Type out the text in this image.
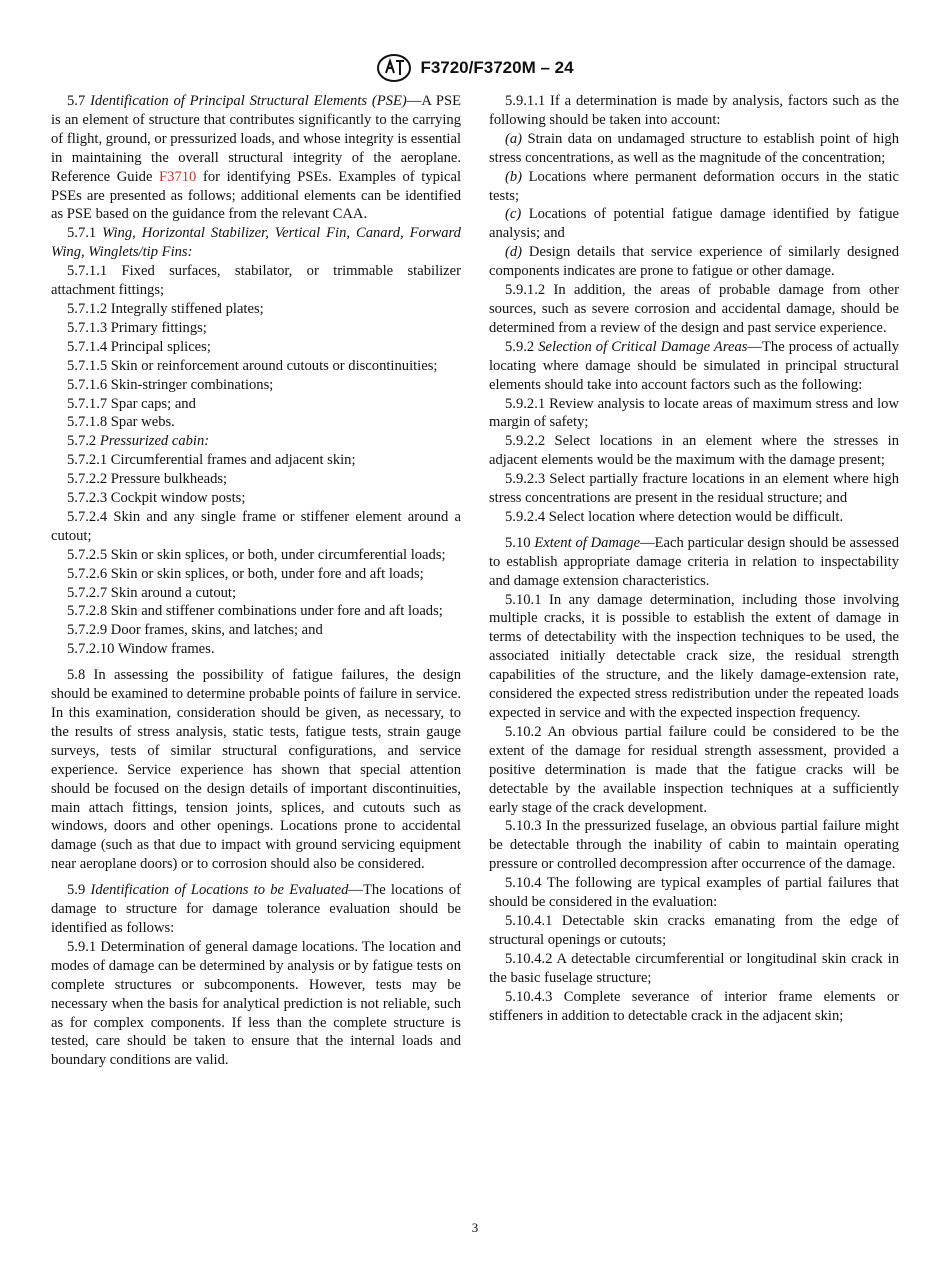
F3720/F3720M – 24

5.7 Identification of Principal Structural Elements (PSE)—A PSE is an element of structure that contributes significantly to the carrying of flight, ground, or pressurized loads, and whose integrity is essential in maintaining the overall structural integrity of the aeroplane. Reference Guide F3710 for identifying PSEs. Examples of typical PSEs are presented as follows; additional elements can be identified as PSE based on the guidance from the relevant CAA.

5.7.1 Wing, Horizontal Stabilizer, Vertical Fin, Canard, Forward Wing, Winglets/tip Fins:

5.7.1.1 Fixed surfaces, stabilator, or trimmable stabilizer attachment fittings;

5.7.1.2 Integrally stiffened plates;

5.7.1.3 Primary fittings;

5.7.1.4 Principal splices;

5.7.1.5 Skin or reinforcement around cutouts or discontinuities;

5.7.1.6 Skin-stringer combinations;

5.7.1.7 Spar caps; and

5.7.1.8 Spar webs.

5.7.2 Pressurized cabin:

5.7.2.1 Circumferential frames and adjacent skin;

5.7.2.2 Pressure bulkheads;

5.7.2.3 Cockpit window posts;

5.7.2.4 Skin and any single frame or stiffener element around a cutout;

5.7.2.5 Skin or skin splices, or both, under circumferential loads;

5.7.2.6 Skin or skin splices, or both, under fore and aft loads;

5.7.2.7 Skin around a cutout;

5.7.2.8 Skin and stiffener combinations under fore and aft loads;

5.7.2.9 Door frames, skins, and latches; and

5.7.2.10 Window frames.

5.8 In assessing the possibility of fatigue failures, the design should be examined to determine probable points of failure in service. In this examination, consideration should be given, as necessary, to the results of stress analysis, static tests, fatigue tests, strain gauge surveys, tests of similar structural configurations, and service experience. Service experience has shown that special attention should be focused on the design details of important discontinuities, main attach fittings, tension joints, splices, and cutouts such as windows, doors and other openings. Locations prone to accidental damage (such as that due to impact with ground servicing equipment near aeroplane doors) or to corrosion should also be considered.

5.9 Identification of Locations to be Evaluated—The locations of damage to structure for damage tolerance evaluation should be identified as follows:

5.9.1 Determination of general damage locations. The location and modes of damage can be determined by analysis or by fatigue tests on complete structures or subcomponents. However, tests may be necessary when the basis for analytical prediction is not reliable, such as for complex components. If less than the complete structure is tested, care should be taken to ensure that the internal loads and boundary conditions are valid.

5.9.1.1 If a determination is made by analysis, factors such as the following should be taken into account:

(a) Strain data on undamaged structure to establish point of high stress concentrations, as well as the magnitude of the concentration;

(b) Locations where permanent deformation occurs in the static tests;

(c) Locations of potential fatigue damage identified by fatigue analysis; and

(d) Design details that service experience of similarly designed components indicates are prone to fatigue or other damage.

5.9.1.2 In addition, the areas of probable damage from other sources, such as severe corrosion and accidental damage, should be determined from a review of the design and past service experience.

5.9.2 Selection of Critical Damage Areas—The process of actually locating where damage should be simulated in principal structural elements should take into account factors such as the following:

5.9.2.1 Review analysis to locate areas of maximum stress and low margin of safety;

5.9.2.2 Select locations in an element where the stresses in adjacent elements would be the maximum with the damage present;

5.9.2.3 Select partially fracture locations in an element where high stress concentrations are present in the residual structure; and

5.9.2.4 Select location where detection would be difficult.

5.10 Extent of Damage—Each particular design should be assessed to establish appropriate damage criteria in relation to inspectability and damage extension characteristics.

5.10.1 In any damage determination, including those involving multiple cracks, it is possible to establish the extent of damage in terms of detectability with the inspection techniques to be used, the associated initially detectable crack size, the residual strength capabilities of the structure, and the likely damage-extension rate, considered the expected stress redistribution under the repeated loads expected in service and with the expected inspection frequency.

5.10.2 An obvious partial failure could be considered to be the extent of the damage for residual strength assessment, provided a positive determination is made that the fatigue cracks will be detectable by the available inspection techniques at a sufficiently early stage of the crack development.

5.10.3 In the pressurized fuselage, an obvious partial failure might be detectable through the inability of cabin to maintain operating pressure or controlled decompression after occurrence of the damage.

5.10.4 The following are typical examples of partial failures that should be considered in the evaluation:

5.10.4.1 Detectable skin cracks emanating from the edge of structural openings or cutouts;

5.10.4.2 A detectable circumferential or longitudinal skin crack in the basic fuselage structure;

5.10.4.3 Complete severance of interior frame elements or stiffeners in addition to detectable crack in the adjacent skin;

3
